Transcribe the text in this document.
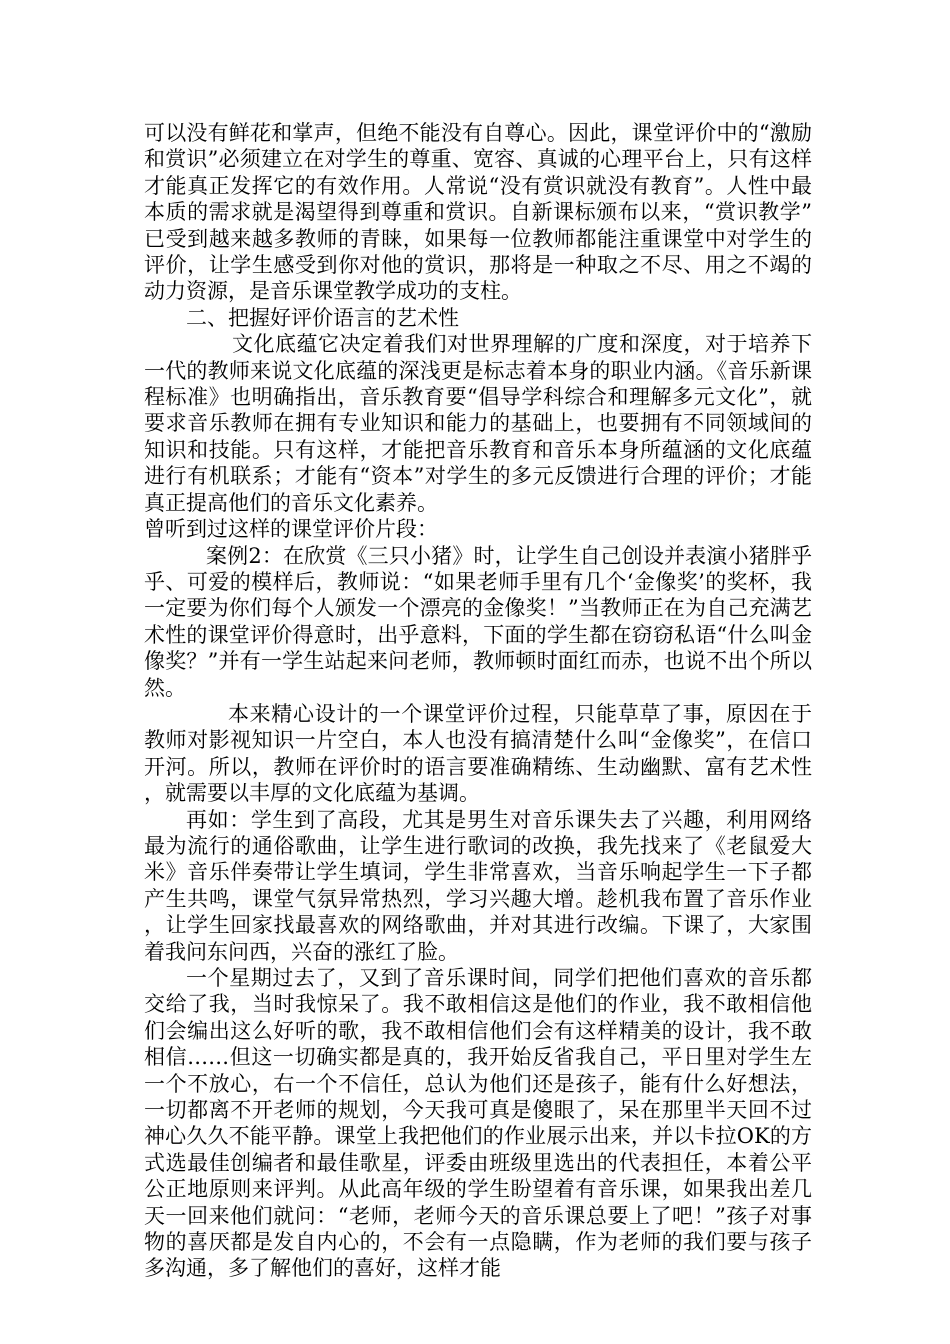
可以没有鲜花和掌声，但绝不能没有自尊心。因此，课堂评价中的“激励和赏识”必须建立在对学生的尊重、宽容、真诚的心理平台上，只有这样才能真正发挥它的有效作用。人常说“没有赏识就没有教育”。人性中最本质的需求就是渴望得到尊重和赏识。自新课标颁布以来，“赏识教学”已受到越来越多教师的青睐，如果每一位教师都能注重课堂中对学生的评价，让学生感受到你对他的赏识，那将是一种取之不尽、用之不竭的动力资源，是音乐课堂教学成功的支柱。

二、把握好评价语言的艺术性

文化底蕴它决定着我们对世界理解的广度和深度，对于培养下一代的教师来说文化底蕴的深浅更是标志着本身的职业内涵。《音乐新课程标准》也明确指出，音乐教育要“倡导学科综合和理解多元文化”，就要求音乐教师在拥有专业知识和能力的基础上，也要拥有不同领域间的知识和技能。只有这样，才能把音乐教育和音乐本身所蕴涵的文化底蕴进行有机联系；才能有“资本”对学生的多元反馈进行合理的评价；才能真正提高他们的音乐文化素养。

曾听到过这样的课堂评价片段：

案例2：在欣赏《三只小猪》时，让学生自己创设并表演小猪胖乎乎、可爱的模样后，教师说：“如果老师手里有几个‘金像奖’的奖杯，我一定要为你们每个人颁发一个漂亮的金像奖！”当教师正在为自己充满艺术性的课堂评价得意时，出乎意料，下面的学生都在窃窃私语“什么叫金像奖？”并有一学生站起来问老师，教师顿时面红而赤，也说不出个所以然。

本来精心设计的一个课堂评价过程，只能草草了事，原因在于教师对影视知识一片空白，本人也没有搞清楚什么叫“金像奖”，在信口开河。所以，教师在评价时的语言要准确精练、生动幽默、富有艺术性，就需要以丰厚的文化底蕴为基调。

再如：学生到了高段，尤其是男生对音乐课失去了兴趣，利用网络最为流行的通俗歌曲，让学生进行歌词的改换，我先找来了《老鼠爱大米》音乐伴奏带让学生填词，学生非常喜欢，当音乐响起学生一下子都产生共鸣，课堂气氛异常热烈，学习兴趣大增。趁机我布置了音乐作业，让学生回家找最喜欢的网络歌曲，并对其进行改编。下课了，大家围着我问东问西，兴奋的涨红了脸。

一个星期过去了，又到了音乐课时间，同学们把他们喜欢的音乐都交给了我，当时我惊呆了。我不敢相信这是他们的作业，我不敢相信他们会编出这么好听的歌，我不敢相信他们会有这样精美的设计，我不敢相信……但这一切确实都是真的，我开始反省我自己，平日里对学生左一个不放心，右一个不信任，总认为他们还是孩子，能有什么好想法，一切都离不开老师的规划，今天我可真是傻眼了，呆在那里半天回不过神心久久不能平静。课堂上我把他们的作业展示出来，并以卡拉OK的方式选最佳创编者和最佳歌星，评委由班级里选出的代表担任，本着公平公正地原则来评判。从此高年级的学生盼望着有音乐课，如果我出差几天一回来他们就问：“老师，老师今天的音乐课总要上了吧！”孩子对事物的喜厌都是发自内心的，不会有一点隐瞒，作为老师的我们要与孩子多沟通，多了解他们的喜好，这样才能
